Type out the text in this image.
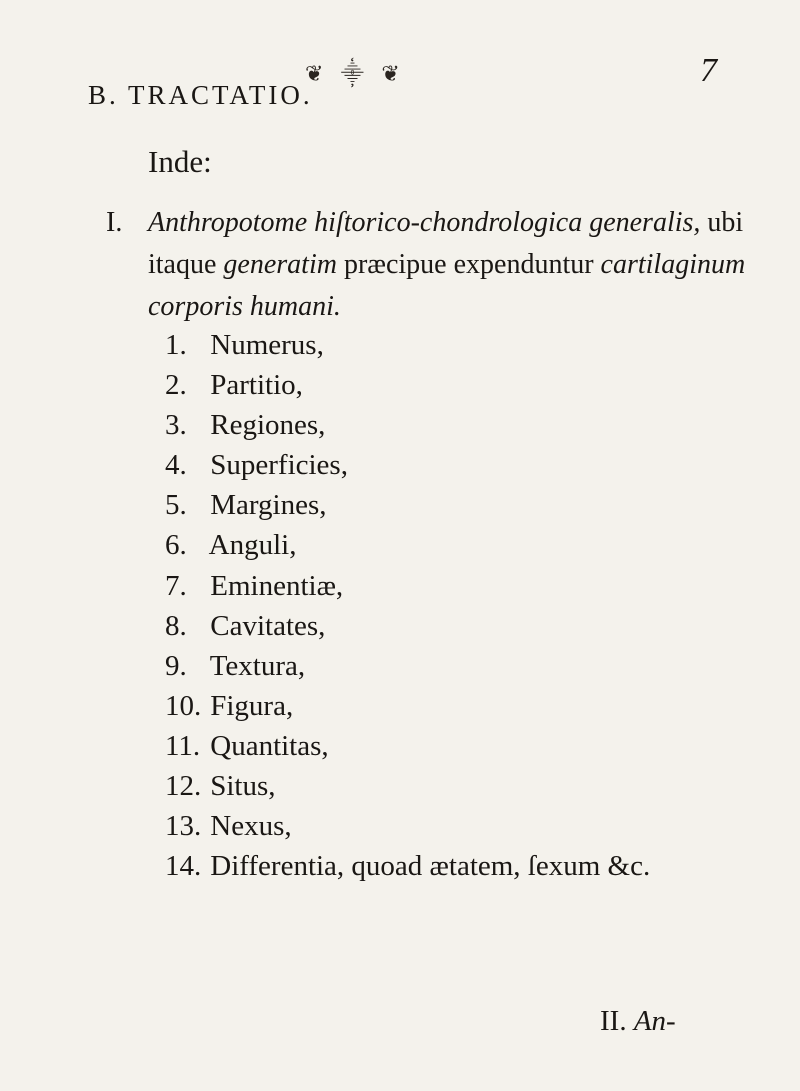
❦ ⸎ ❦	7
B. TRACTATIO.
Inde:
I. Anthropotome hiſtorico-chondrologica generalis, ubi itaque generatim præcipue expenduntur cartilaginum corporis humani.
1. Numerus,
2. Partitio,
3. Regiones,
4. Superficies,
5. Margines,
6. Anguli,
7. Eminentiæ,
8. Cavitates,
9. Textura,
10. Figura,
11. Quantitas,
12. Situs,
13. Nexus,
14. Differentia, quoad ætatem, ſexum &c.
II. An-
